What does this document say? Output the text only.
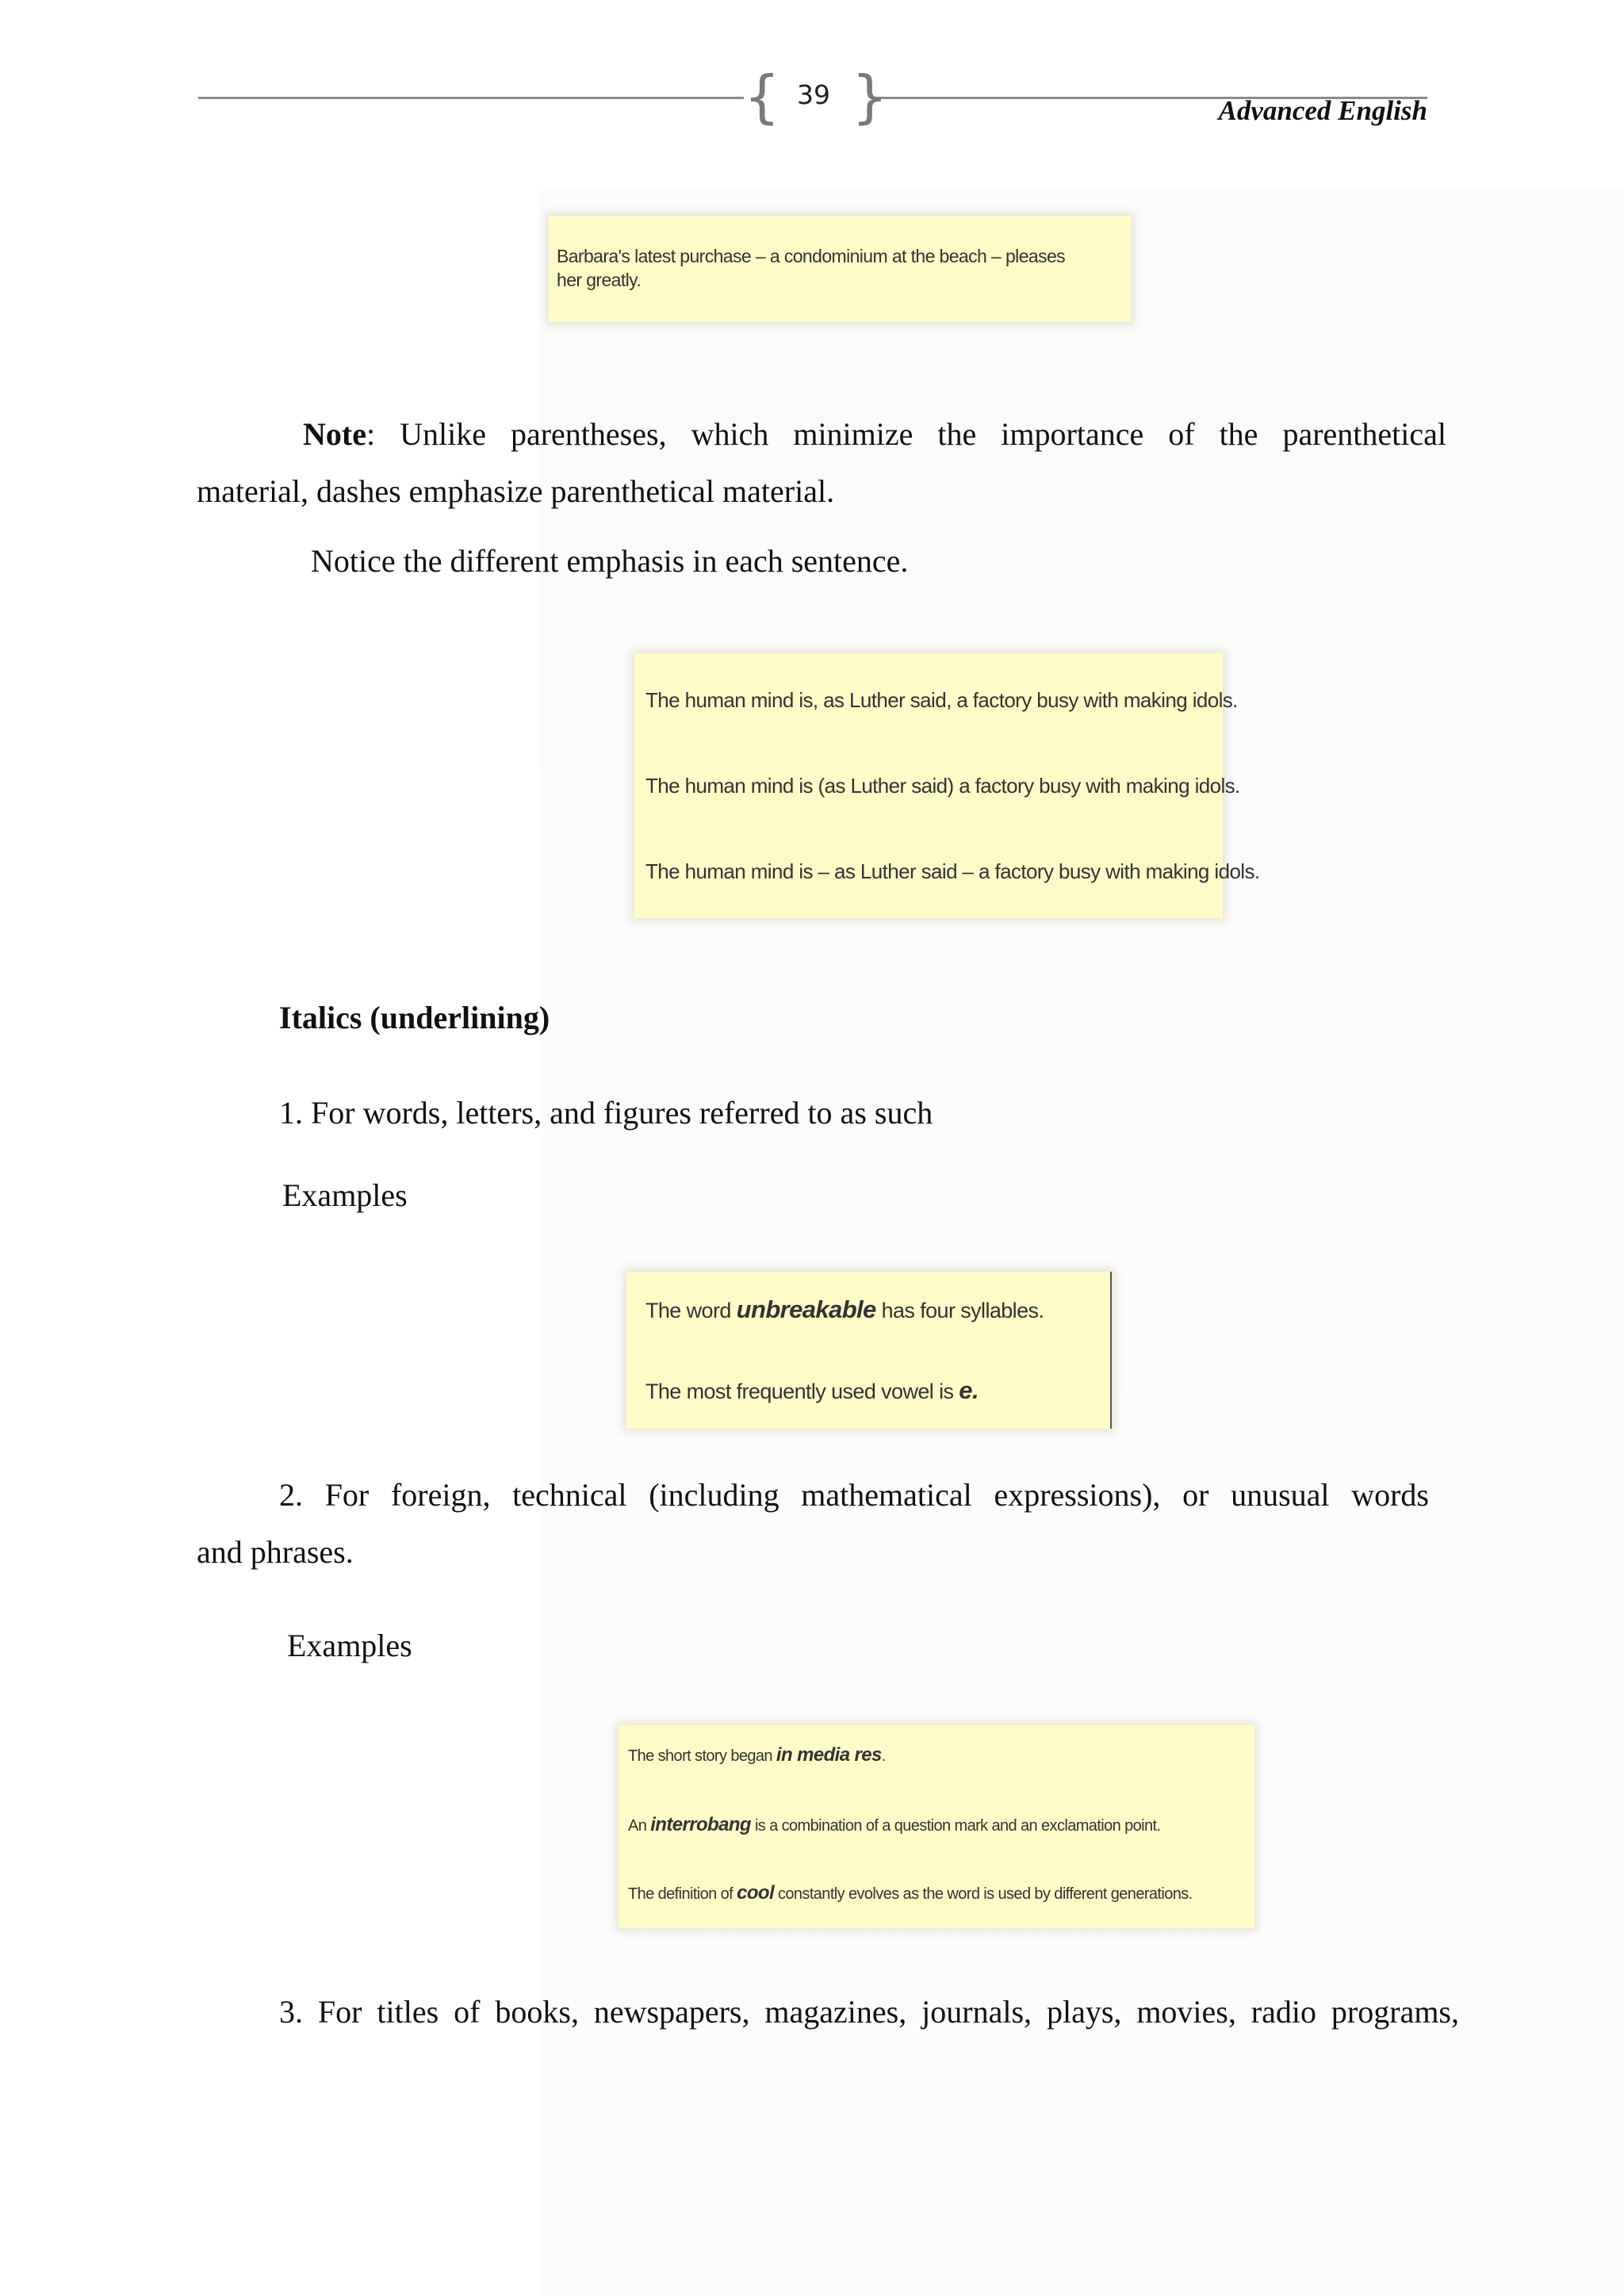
{ }
39
Advanced English
Barbara's latest purchase – a condominium at the beach – pleases
her greatly.
Note: Unlike parentheses, which minimize the importance of the parenthetical
material, dashes emphasize parenthetical material.
Notice the different emphasis in each sentence.
The human mind is, as Luther said, a factory busy with making idols.
The human mind is (as Luther said) a factory busy with making idols.
The human mind is – as Luther said – a factory busy with making idols.
Italics (underlining)
1. For words, letters, and figures referred to as such
Examples
The word unbreakable has four syllables.
The most frequently used vowel is e.
2. For foreign, technical (including mathematical expressions), or unusual words
and phrases.
Examples
The short story began in media res.
An interrobang is a combination of a question mark and an exclamation point.
The definition of cool constantly evolves as the word is used by different generations.
3. For titles of books, newspapers, magazines, journals, plays, movies, radio programs,
